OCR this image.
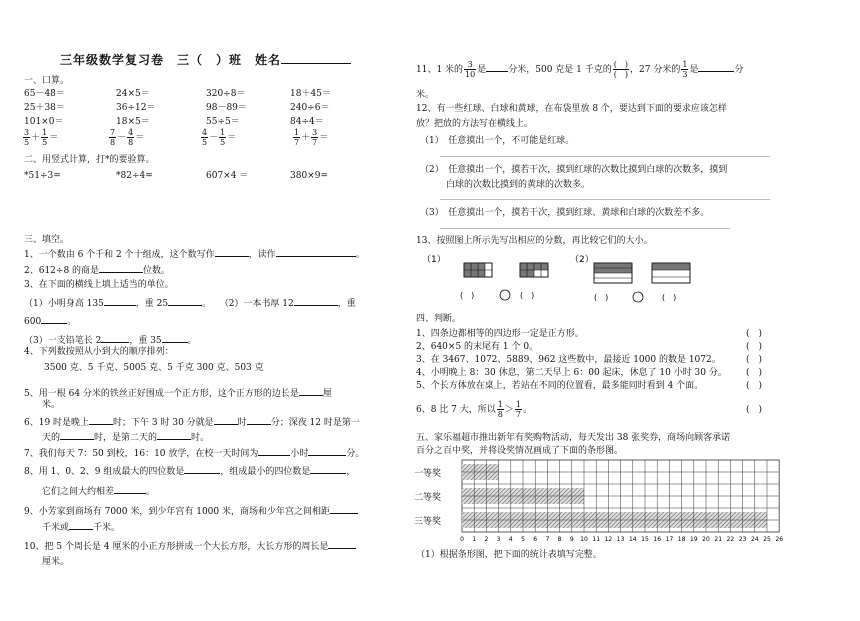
三年级数学复习卷　三（　）班　姓名
一、口算。
二、用竖式计算，打*的要验算。
三、填空。
1、一个数由 6 个千和 2 个十组成，这个数写作	，读作	。
2、612÷8 的商是	位数。
3、在下面的横线上填上适当的单位。
（1）小明身高 135	，重 25	。 （2）一本书厚 12	，重
600	。
（3）一支铅笔长 2	，重 35	。
4、下列数按照从小到大的顺序排列：
3500 克、5 千克、5005 克、5 千克 300 克、503 克
5、用一根 64 分米的铁丝正好围成一个正方形，这个正方形的边长是	厘
米。
6、19 时是晚上	时；下午 3 时 30 分就是	时	分；深夜 12 时是第一
天的	时，是第二天的	时。
7、我们每天 7：50 到校，16：10 放学，在校一天时间为	小时	分。
8、用 1、0、2、9 组成最大的四位数是	，组成最小的四位数是	，
它们之间大约相差	。
9、小芳家到商场有 7000 米，到少年宫有 1000 米，商场和少年宫之间相距
千米或	千米。
10、把 5 个周长是 4 厘米的小正方形拼成一个大长方形，大长方形的周长是
厘米。
11、1 米的 $\frac{3}{10}$ 是 分米，500 克是 1 千克的 $\frac{( )}{( )}$ ，27 分米的 $\frac{1}{3}$ 是	分
米。
12、有一些红球、白球和黄球，在布袋里放 8 个，要达到下面的要求应该怎样
放？把放的方法写在横线上。
（1）　任意摸出一个，不可能是红球。
（2）　任意摸出一个，摸若干次，摸到红球的次数比摸到白球的次数多，摸到
白球的次数比摸到的黄球的次数多。
（3）　任意摸出一个，摸若干次，摸到红球、黄球和白球的次数差不多。
13、按照图上所示先写出相应的分数，再比较它们的大小。
（1）	（2）
(　)	(　)	(　)	(　)
四、判断。
6、8 比 7 大，所以 $\frac{1}{8} > \frac{1}{7}$ 。	(　)
五、家乐福超市推出新年有奖购物活动，每天发出 38 张奖券，商场向顾客承诺
百分之百中奖，并将设奖情况画成了下面的条形图。
一等奖
二等奖
三等奖
0 1 2 3 4 5 6 7 8 9 10 11 12 13 14 15 16 17 18 19 20 21 22 23 24 25 26
（1）根据条形图，把下面的统计表填写完整。
65－48＝	24×5＝	320÷8＝	18＋45＝
25＋38＝	36÷12＝	98－89＝	240÷6＝
101×0＝	18×5＝	55÷5＝	84÷4＝
$\frac{3}{5} + \frac{1}{5}$ ＝	$\frac{7}{8} - \frac{4}{8}$ ＝	$\frac{4}{5} - \frac{1}{5}$ ＝	$\frac{1}{7} + \frac{3}{7}$ ＝
*51÷3=	*82÷4=	607×4 ＝	380×9=
1、四条边都相等的四边形一定是正方形。	(　)
2、640×5 的末尾有 1 个 0。	(　)
3、在 3467、1072、5889、962 这些数中，最接近 1000 的数是 1072。	(　)
4、小明晚上 8：30 休息，第二天早上 6：00 起床，休息了 10 小时 30 分。 (　)
5、个长方体放在桌上，若站在不同的位置看，最多能同时看到 4 个面。	(　)
